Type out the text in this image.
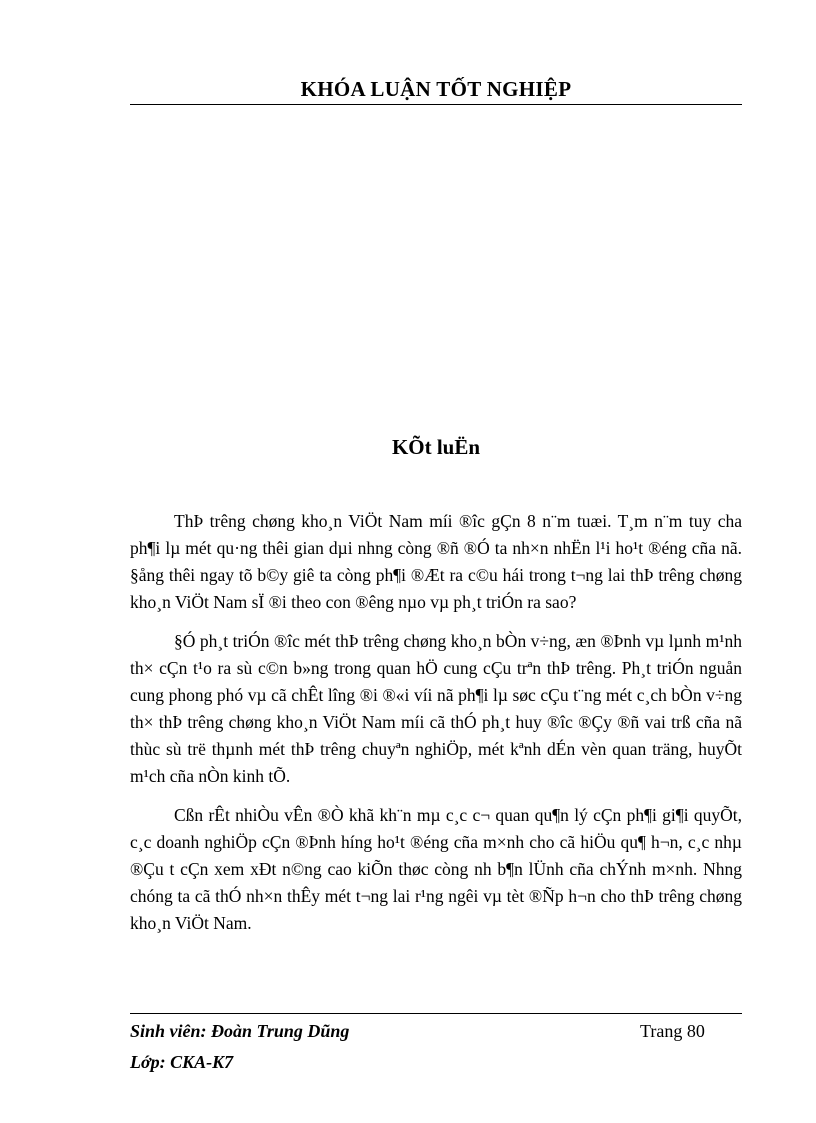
KHÓA LUẬN TỐT NGHIỆP
KÕt luËn

ThÞ trêng chøng kho¸n ViÖt Nam míi ®îc gÇn 8 n¨m tuæi. T¸m n¨m tuy cha ph¶i lµ mét qu·ng thêi gian dµi nhng còng ®ñ ®Ó ta nh×n nhËn l¹i ho¹t ®éng cña nã. §ång thêi ngay tõ b©y giê ta còng ph¶i ®Æt ra c©u hái trong t¬ng lai thÞ trêng chøng kho¸n ViÖt Nam sÏ ®i theo con ®êng nµo vµ ph¸t triÓn ra sao?

§Ó ph¸t triÓn ®îc mét thÞ trêng chøng kho¸n bÒn v÷ng, æn ®Þnh vµ lµnh m¹nh th× cÇn t¹o ra sù c©n b»ng trong quan hÖ cung cÇu trªn thÞ trêng. Ph¸t triÓn nguån cung phong phó vµ cã chÊt lîng ®i ®«i víi nã ph¶i lµ søc cÇu t¨ng mét c¸ch bÒn v÷ng th× thÞ trêng chøng kho¸n ViÖt Nam míi cã thÓ ph¸t huy ®îc ®Çy ®ñ vai trß cña nã thùc sù trë thµnh mét thÞ trêng chuyªn nghiÖp, mét kªnh dÉn vèn quan träng, huyÕt m¹ch cña nÒn kinh tÕ.

Cßn rÊt nhiÒu vÊn ®Ò khã kh¨n mµ c¸c c¬ quan qu¶n lý cÇn ph¶i gi¶i quyÕt, c¸c doanh nghiÖp cÇn ®Þnh híng ho¹t ®éng cña m×nh cho cã hiÖu qu¶ h¬n, c¸c nhµ ®Çu t cÇn xem xÐt n©ng cao kiÕn thøc còng nh b¶n lÜnh cña chÝnh m×nh. Nhng chóng ta cã thÓ nh×n thÊy mét t¬ng lai r¹ng ngêi vµ tèt ®Ñp h¬n cho thÞ trêng chøng kho¸n ViÖt Nam.

Sinh viên: Đoàn Trung Dũng	Trang 80
Lớp: CKA-K7
